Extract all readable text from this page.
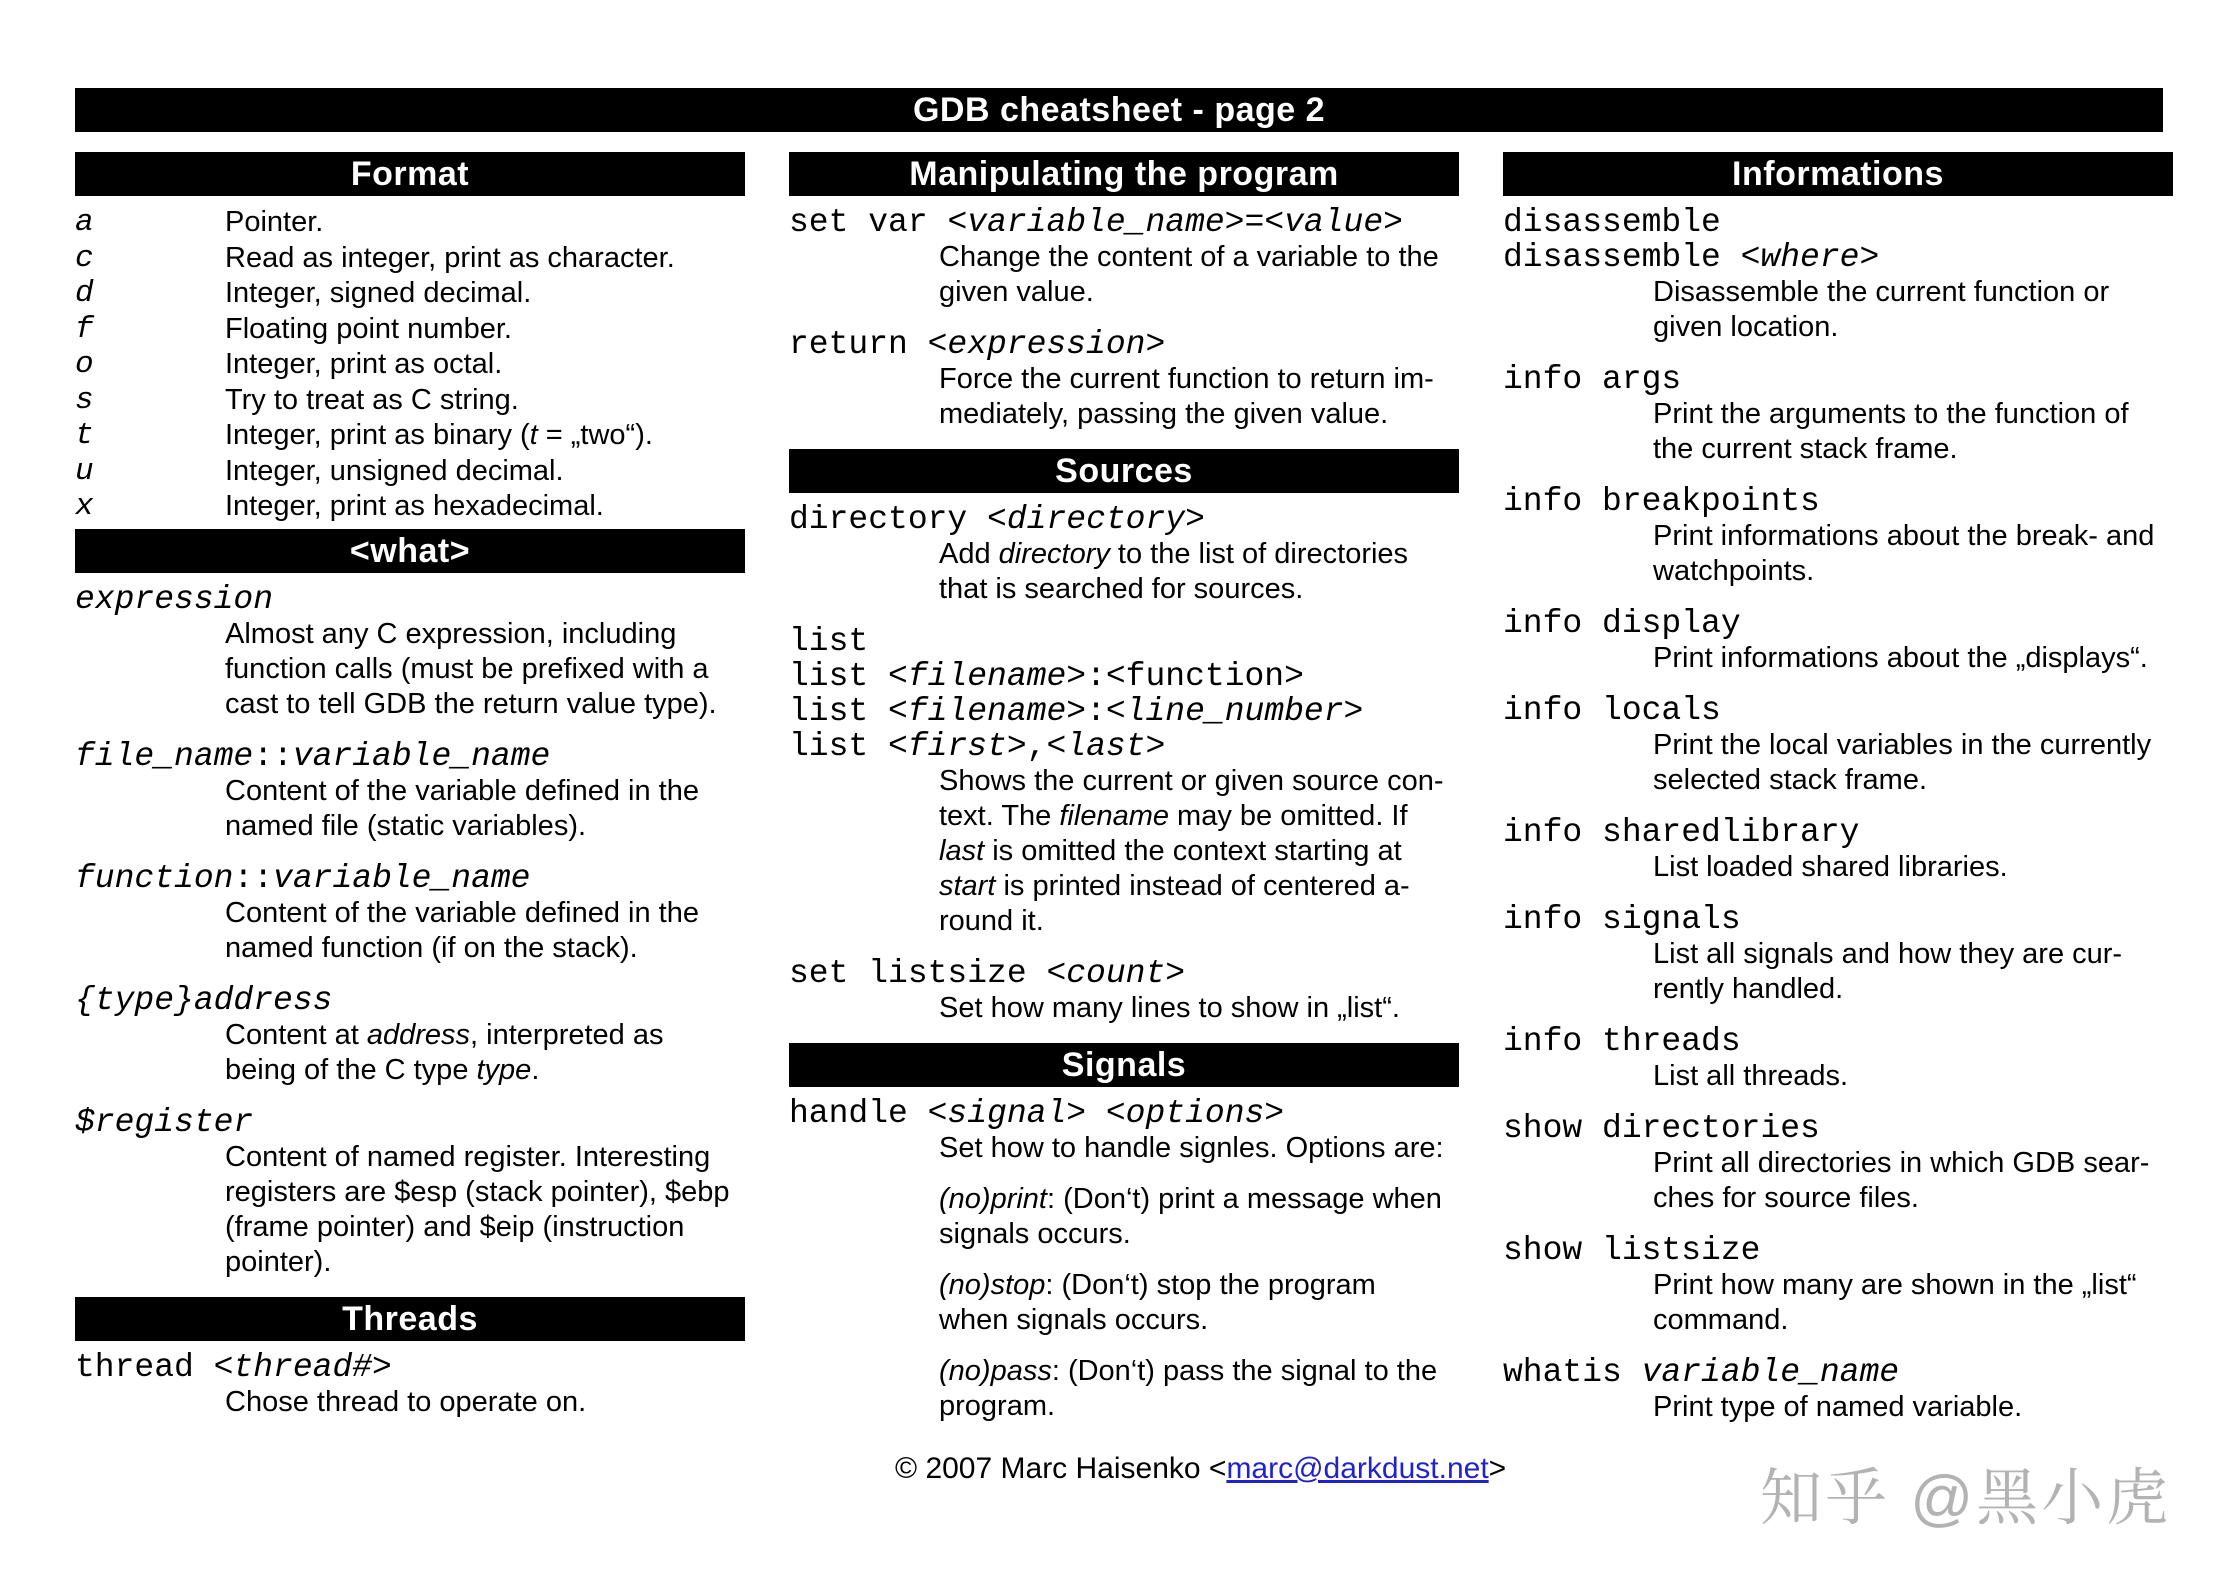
GDB cheatsheet - page 2
Format
a	Pointer.
c	Read as integer, print as character.
d	Integer, signed decimal.
f	Floating point number.
o	Integer, print as octal.
s	Try to treat as C string.
t	Integer, print as binary (t = „two“).
u	Integer, unsigned decimal.
x	Integer, print as hexadecimal.
<what>
expression
Almost any C expression, including
function calls (must be prefixed with a
cast to tell GDB the return value type).
file_name::variable_name
Content of the variable defined in the
named file (static variables).
function::variable_name
Content of the variable defined in the
named function (if on the stack).
{type}address
Content at address, interpreted as
being of the C type type.
$register
Content of named register. Interesting
registers are $esp (stack pointer), $ebp
(frame pointer) and $eip (instruction
pointer).
Threads
thread <thread#>
Chose thread to operate on.
Manipulating the program
set var <variable_name>=<value>
Change the content of a variable to the
given value.
return <expression>
Force the current function to return im-
mediately, passing the given value.
Sources
directory <directory>
Add directory to the list of directories
that is searched for sources.
list
list <filename>:<function>
list <filename>:<line_number>
list <first>,<last>
Shows the current or given source con-
text. The filename may be omitted. If
last is omitted the context starting at
start is printed instead of centered a-
round it.
set listsize <count>
Set how many lines to show in „list“.
Signals
handle <signal> <options>
Set how to handle signles. Options are:
(no)print: (Don‘t) print a message when
signals occurs.
(no)stop: (Don‘t) stop the program
when signals occurs.
(no)pass: (Don‘t) pass the signal to the
program.
Informations
disassemble
disassemble <where>
Disassemble the current function or
given location.
info args
Print the arguments to the function of
the current stack frame.
info breakpoints
Print informations about the break- and
watchpoints.
info display
Print informations about the „displays“.
info locals
Print the local variables in the currently
selected stack frame.
info sharedlibrary
List loaded shared libraries.
info signals
List all signals and how they are cur-
rently handled.
info threads
List all threads.
show directories
Print all directories in which GDB sear-
ches for source files.
show listsize
Print how many are shown in the „list“
command.
whatis variable_name
Print type of named variable.
© 2007 Marc Haisenko <marc@darkdust.net>	知乎 @黑小虎
